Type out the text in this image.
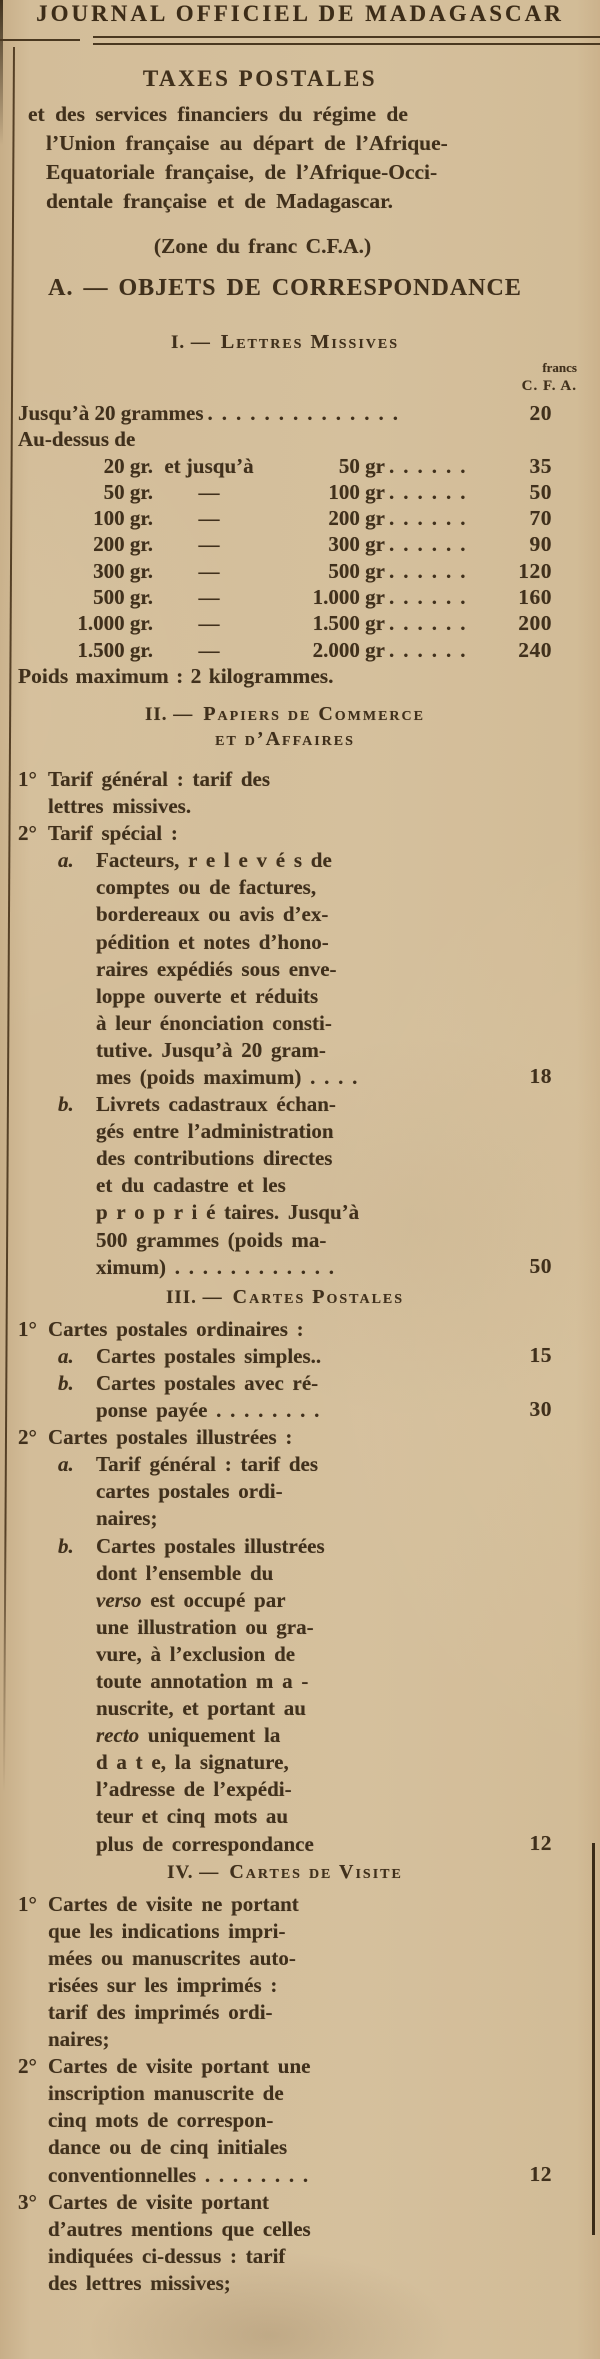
JOURNAL OFFICIEL DE MADAGASCAR
TAXES POSTALES
et des services financiers du régime de
l’Union française au départ de l’Afrique-
Equatoriale française, de l’Afrique-Occi-
dentale française et de Madagascar.
(Zone du franc C.F.A.)
A. — OBJETS DE CORRESPONDANCE
I. — Lettres Missives
francs
C. F. A.
Jusqu’à 20 grammes ..............	20
Au-dessus de
20 gr. et jusqu’à	50 gr ......	35
50 gr. —	100 gr ......	50
100 gr. —	200 gr ......	70
200 gr. —	300 gr ......	90
300 gr. —	500 gr ...... 120
500 gr. —	1.000 gr ...... 160
1.000 gr. —	1.500 gr ...... 200
1.500 gr. —	2.000 gr ...... 240
Poids maximum : 2 kilogrammes.
II. — Papiers de Commerce
et d’Affaires
1° Tarif général : tarif des
lettres missives.
2° Tarif spécial :
a. Facteurs, r e l e v é s de
comptes ou de factures,
bordereaux ou avis d’ex-
pédition et notes d’hono-
raires expédiés sous enve-
loppe ouverte et réduits
à leur énonciation consti-
tutive. Jusqu’à 20 gram-
mes (poids maximum) . . . .	18
b. Livrets cadastraux échan-
gés entre l’administration
des contributions directes
et du cadastre et les
p r o p r i é taires. Jusqu’à
500 grammes (poids ma-
ximum) . . . . . . . . . . . .	50
III. — Cartes Postales
1° Cartes postales ordinaires :
a. Cartes postales simples..	15
b. Cartes postales avec ré-
ponse payée . . . . . . . .	30
2° Cartes postales illustrées :
a. Tarif général : tarif des
cartes postales ordi-
naires;
b. Cartes postales illustrées
dont l’ensemble du
verso est occupé par
une illustration ou gra-
vure, à l’exclusion de
toute annotation m a -
nuscrite, et portant au
recto uniquement la
d a t e, la signature,
l’adresse de l’expédi-
teur et cinq mots au
plus de correspondance	12
IV. — Cartes de Visite
1° Cartes de visite ne portant
que les indications impri-
mées ou manuscrites auto-
risées sur les imprimés :
tarif des imprimés ordi-
naires;
2° Cartes de visite portant une
inscription manuscrite de
cinq mots de correspon-
dance ou de cinq initiales
conventionnelles . . . . . . . .	12
3° Cartes de visite portant
d’autres mentions que celles
indiquées ci-dessus : tarif
des lettres missives;
